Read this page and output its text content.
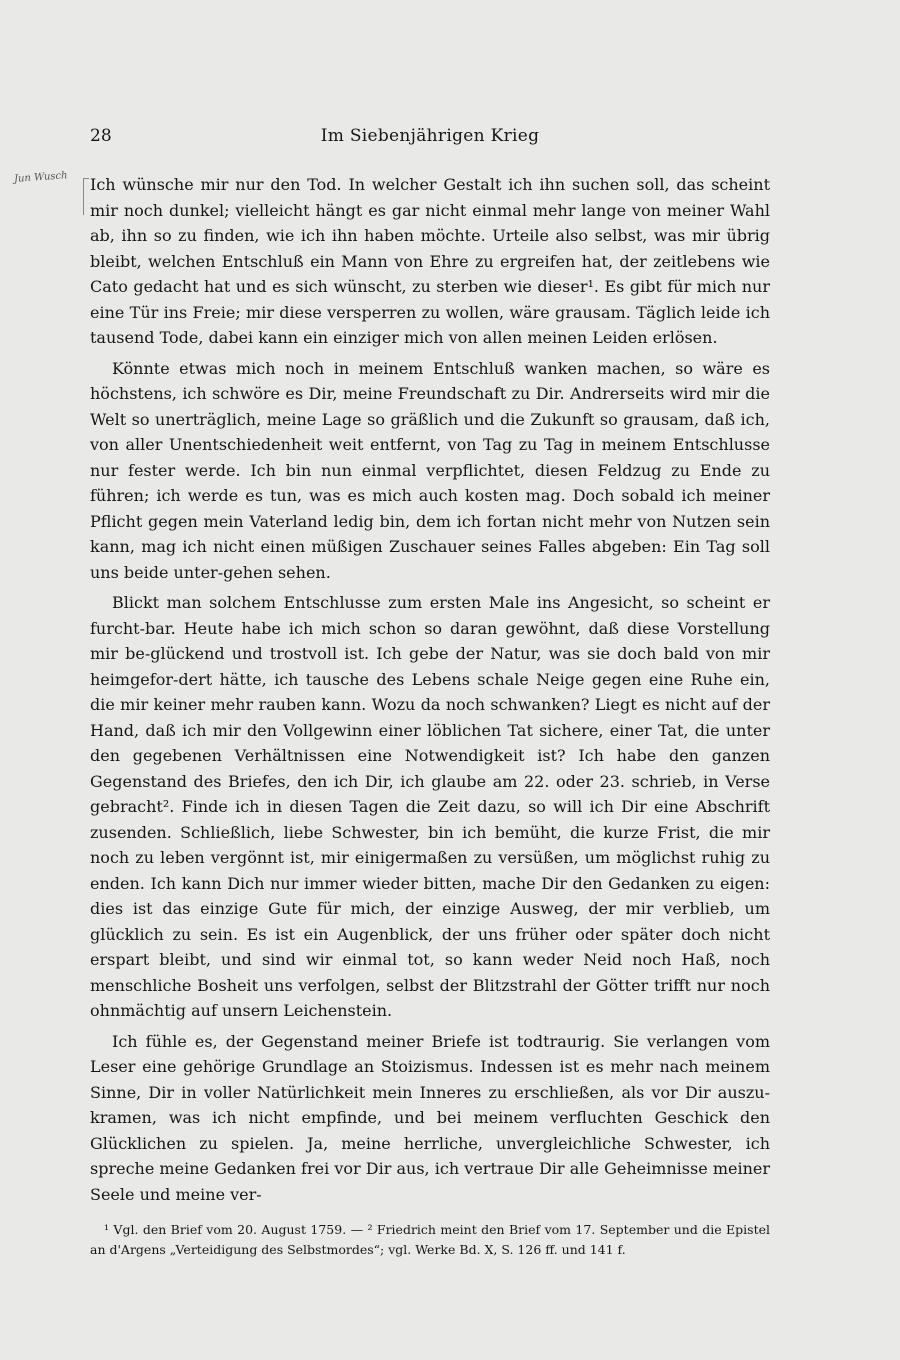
28	Im Siebenjährigen Krieg
Jun Wusch Ich wünsche mir nur den Tod. In welcher Gestalt ich ihn suchen soll, das scheint mir noch dunkel; vielleicht hängt es gar nicht einmal mehr lange von meiner Wahl ab, ihn so zu finden, wie ich ihn haben möchte. Urteile also selbst, was mir übrig bleibt, welchen Entschluß ein Mann von Ehre zu ergreifen hat, der zeitlebens wie Cato gedacht hat und es sich wünscht, zu sterben wie dieser¹. Es gibt für mich nur eine Tür ins Freie; mir diese versperren zu wollen, wäre grausam. Täglich leide ich tausend Tode, dabei kann ein einziger mich von allen meinen Leiden erlösen.

Könnte etwas mich noch in meinem Entschluß wanken machen, so wäre es höchstens, ich schwöre es Dir, meine Freundschaft zu Dir. Andrerseits wird mir die Welt so unerträglich, meine Lage so gräßlich und die Zukunft so grausam, daß ich, von aller Unentschiedenheit weit entfernt, von Tag zu Tag in meinem Entschlusse nur fester werde. Ich bin nun einmal verpflichtet, diesen Feldzug zu Ende zu führen; ich werde es tun, was es mich auch kosten mag. Doch sobald ich meiner Pflicht gegen mein Vaterland ledig bin, dem ich fortan nicht mehr von Nutzen sein kann, mag ich nicht einen müßigen Zuschauer seines Falles abgeben: Ein Tag soll uns beide unter-gehen sehen.

Blickt man solchem Entschlusse zum ersten Male ins Angesicht, so scheint er furcht-bar. Heute habe ich mich schon so daran gewöhnt, daß diese Vorstellung mir be-glückend und trostvoll ist. Ich gebe der Natur, was sie doch bald von mir heimgefor-dert hätte, ich tausche des Lebens schale Neige gegen eine Ruhe ein, die mir keiner mehr rauben kann. Wozu da noch schwanken? Liegt es nicht auf der Hand, daß ich mir den Vollgewinn einer löblichen Tat sichere, einer Tat, die unter den gegebenen Verhältnissen eine Notwendigkeit ist? Ich habe den ganzen Gegenstand des Briefes, den ich Dir, ich glaube am 22. oder 23. schrieb, in Verse gebracht². Finde ich in diesen Tagen die Zeit dazu, so will ich Dir eine Abschrift zusenden. Schließlich, liebe Schwester, bin ich bemüht, die kurze Frist, die mir noch zu leben vergönnt ist, mir einigermaßen zu versüßen, um möglichst ruhig zu enden. Ich kann Dich nur immer wieder bitten, mache Dir den Gedanken zu eigen: dies ist das einzige Gute für mich, der einzige Ausweg, der mir verblieb, um glücklich zu sein. Es ist ein Augenblick, der uns früher oder später doch nicht erspart bleibt, und sind wir einmal tot, so kann weder Neid noch Haß, noch menschliche Bosheit uns verfolgen, selbst der Blitzstrahl der Götter trifft nur noch ohnmächtig auf unsern Leichenstein.

Ich fühle es, der Gegenstand meiner Briefe ist todtraurig. Sie verlangen vom Leser eine gehörige Grundlage an Stoizismus. Indessen ist es mehr nach meinem Sinne, Dir in voller Natürlichkeit mein Inneres zu erschließen, als vor Dir auszu-kramen, was ich nicht empfinde, und bei meinem verfluchten Geschick den Glücklichen zu spielen. Ja, meine herrliche, unvergleichliche Schwester, ich spreche meine Gedanken frei vor Dir aus, ich vertraue Dir alle Geheimnisse meiner Seele und meine ver-

¹ Vgl. den Brief vom 20. August 1759. — ² Friedrich meint den Brief vom 17. September und die Epistel an d'Argens „Verteidigung des Selbstmordes“; vgl. Werke Bd. X, S. 126 ff. und 141 f.
